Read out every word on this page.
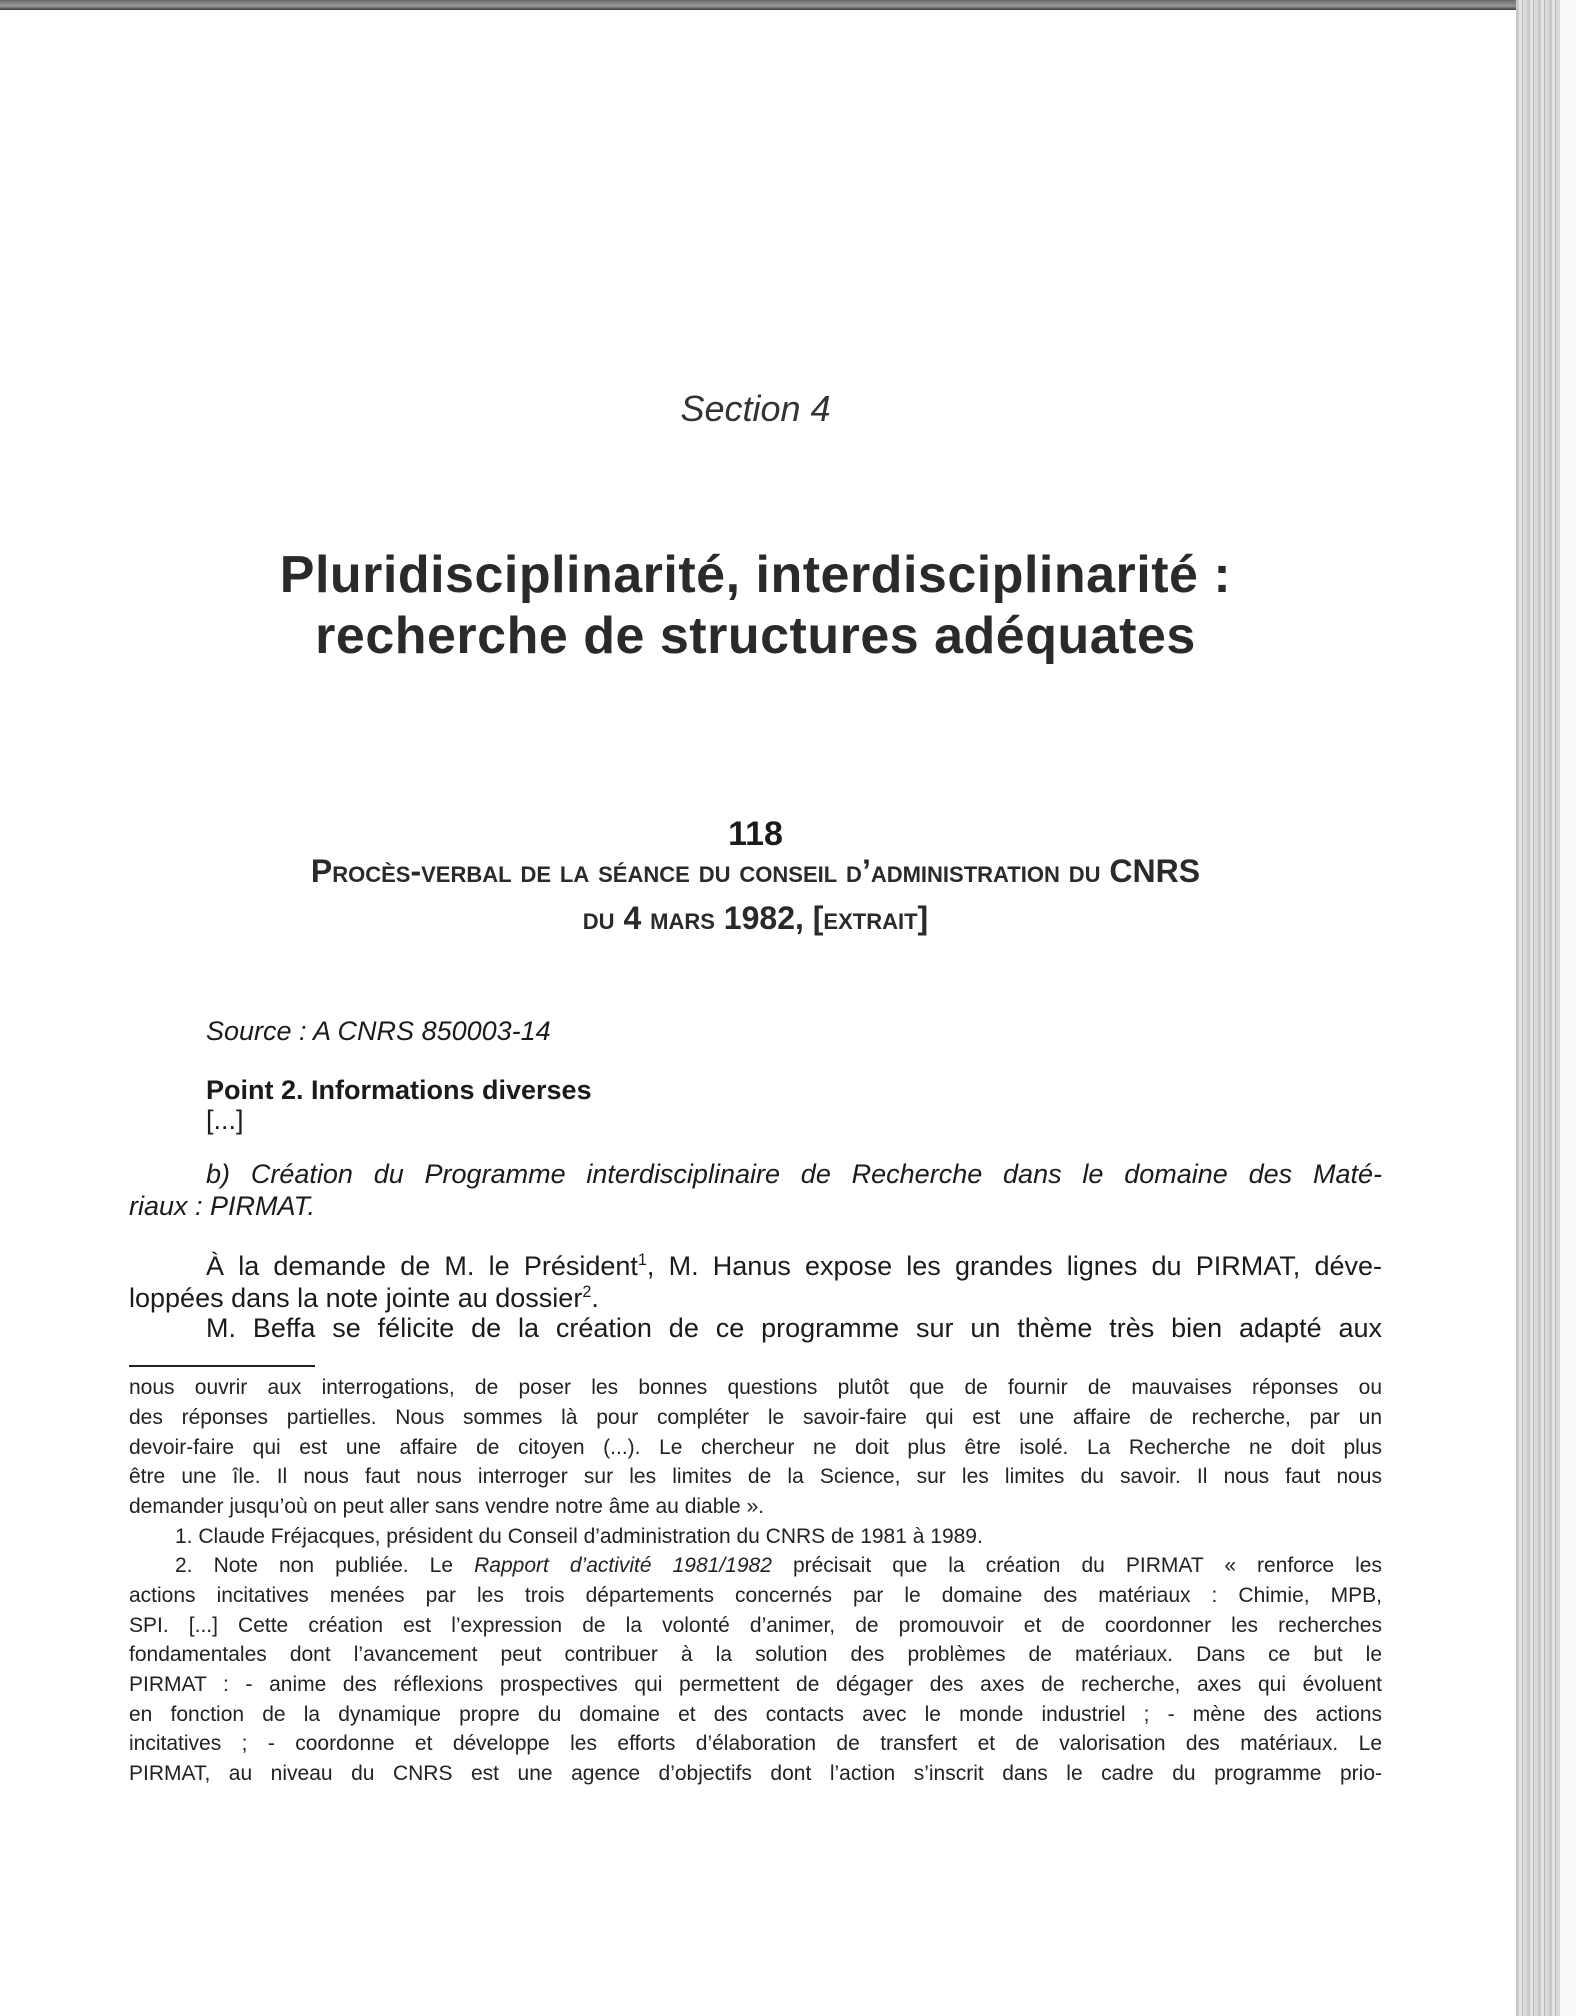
Section 4
Pluridisciplinarité, interdisciplinarité :
recherche de structures adéquates
118
Procès-verbal de la séance du conseil d’administration du CNRS
du 4 mars 1982, [extrait]
Source : A CNRS 850003-14
Point 2. Informations diverses
[...]
b) Création du Programme interdisciplinaire de Recherche dans le domaine des Maté-
riaux : PIRMAT.
À la demande de M. le Président$^1$, M. Hanus expose les grandes lignes du PIRMAT, déve-
loppées dans la note jointe au dossier$^2$.
M. Beffa se félicite de la création de ce programme sur un thème très bien adapté aux
nous ouvrir aux interrogations, de poser les bonnes questions plutôt que de fournir de mauvaises réponses ou
des réponses partielles. Nous sommes là pour compléter le savoir-faire qui est une affaire de recherche, par un
devoir-faire qui est une affaire de citoyen (...). Le chercheur ne doit plus être isolé. La Recherche ne doit plus
être une île. Il nous faut nous interroger sur les limites de la Science, sur les limites du savoir. Il nous faut nous
demander jusqu’où on peut aller sans vendre notre âme au diable ».
1. Claude Fréjacques, président du Conseil d’administration du CNRS de 1981 à 1989.
2. Note non publiée. Le Rapport d’activité 1981/1982 précisait que la création du PIRMAT « renforce les
actions incitatives menées par les trois départements concernés par le domaine des matériaux : Chimie, MPB,
SPI. [...] Cette création est l’expression de la volonté d’animer, de promouvoir et de coordonner les recherches
fondamentales dont l’avancement peut contribuer à la solution des problèmes de matériaux. Dans ce but le
PIRMAT : - anime des réflexions prospectives qui permettent de dégager des axes de recherche, axes qui évoluent
en fonction de la dynamique propre du domaine et des contacts avec le monde industriel ; - mène des actions
incitatives ; - coordonne et développe les efforts d’élaboration de transfert et de valorisation des matériaux. Le
PIRMAT, au niveau du CNRS est une agence d’objectifs dont l’action s’inscrit dans le cadre du programme prio-
